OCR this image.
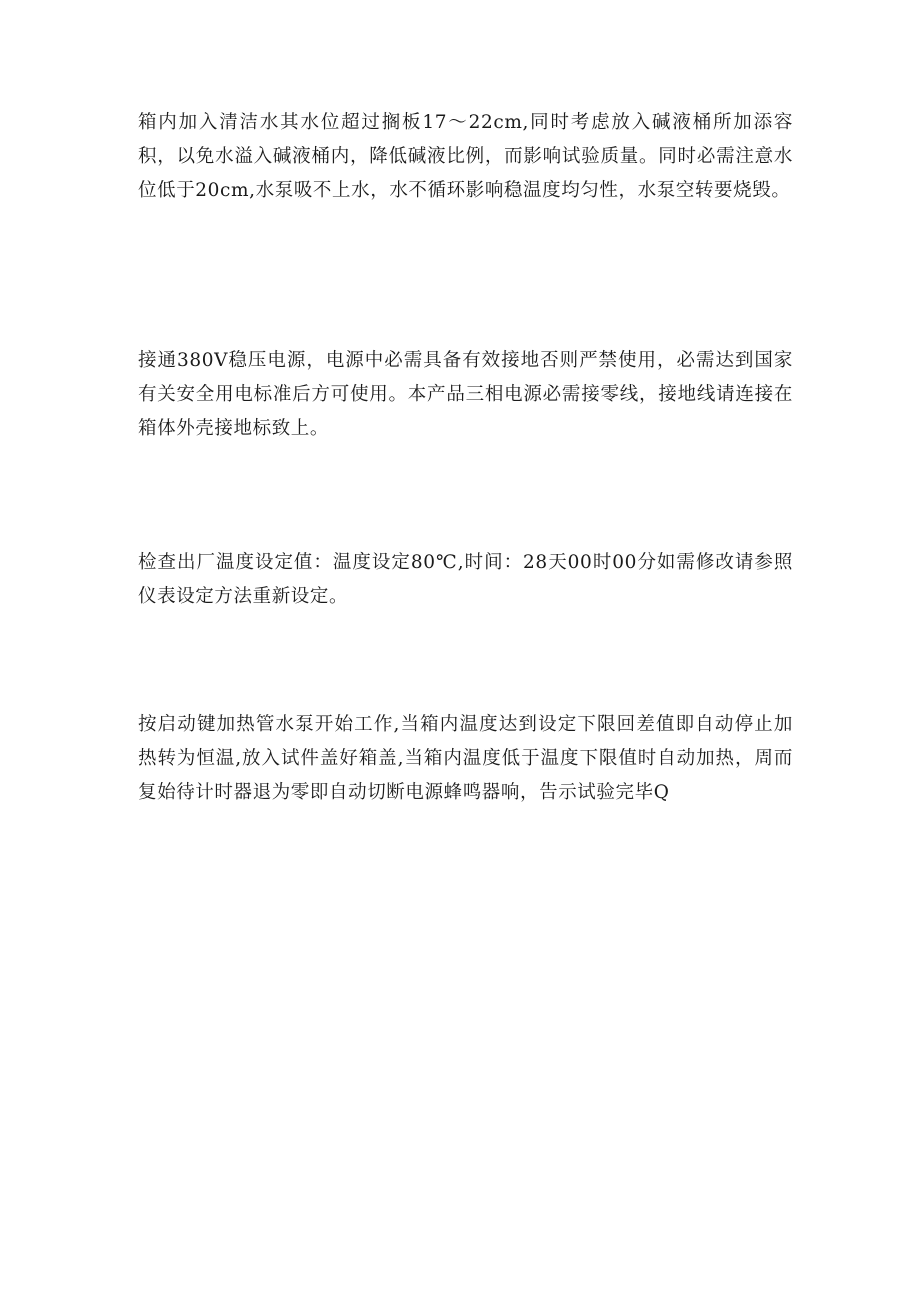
箱内加入清洁水其水位超过搁板17～22cm,同时考虑放入碱液桶所加添容积，以免水溢入碱液桶内，降低碱液比例，而影响试验质量。同时必需注意水位低于20cm,水泵吸不上水，水不循环影响稳温度均匀性，水泵空转要烧毁。

接通380V稳压电源，电源中必需具备有效接地否则严禁使用，必需达到国家有关安全用电标准后方可使用。本产品三相电源必需接零线，接地线请连接在箱体外壳接地标致上。

检查出厂温度设定值：温度设定80℃,时间：28天00时00分如需修改请参照仪表设定方法重新设定。

按启动键加热管水泵开始工作,当箱内温度达到设定下限回差值即自动停止加热转为恒温,放入试件盖好箱盖,当箱内温度低于温度下限值时自动加热，周而复始待计时器退为零即自动切断电源蜂鸣器响，告示试验完毕Q
